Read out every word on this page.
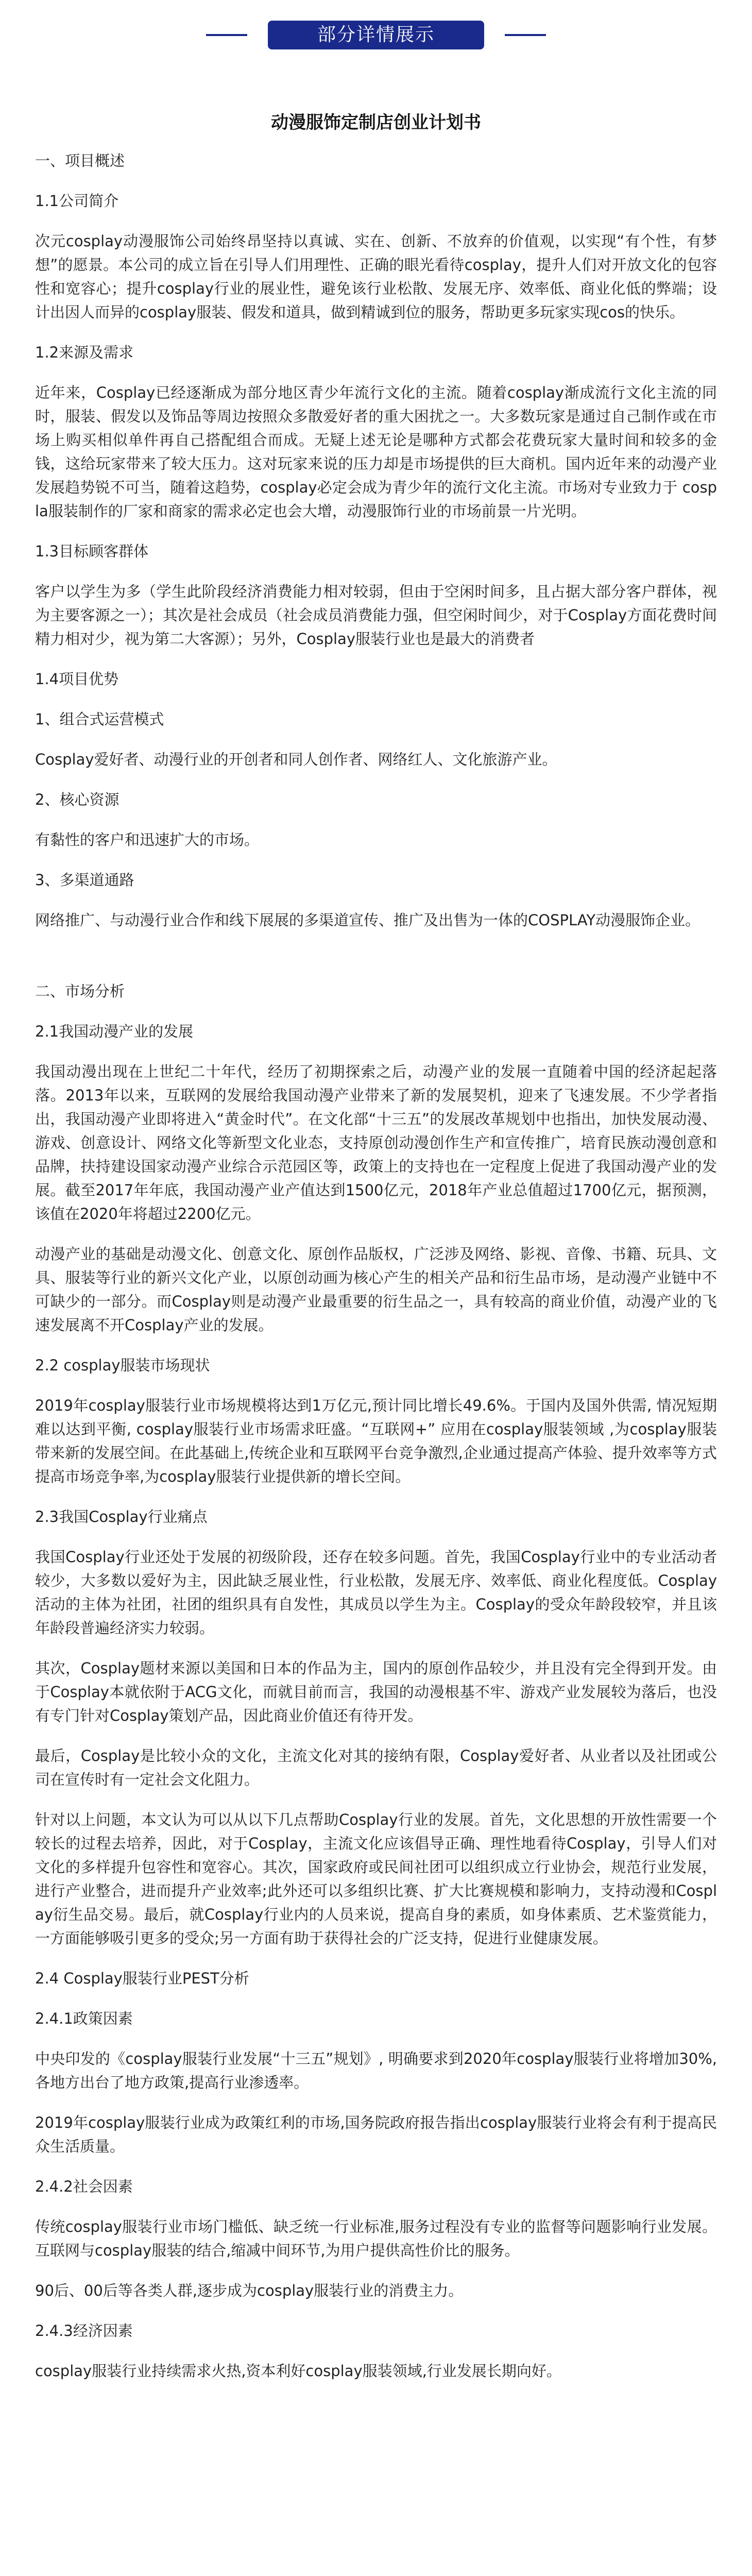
部分详情展示
动漫服饰定制店创业计划书

一、项目概述

1.1公司简介

次元cosplay动漫服饰公司始终昂坚持以真诚、实在、创新、不放弃的价值观，以实现“有个性，有梦想”的愿景。本公司的成立旨在引导人们用理性、正确的眼光看待cosplay，提升人们对开放文化的包容性和宽容心；提升cosplay行业的展业性，避免该行业松散、发展无序、效率低、商业化低的弊端；设计出因人而异的cosplay服装、假发和道具，做到精诚到位的服务，帮助更多玩家实现cos的快乐。

1.2来源及需求

近年来，Cosplay已经逐渐成为部分地区青少年流行文化的主流。随着cosplay渐成流行文化主流的同时，服装、假发以及饰品等周边按照众多散爱好者的重大困扰之一。大多数玩家是通过自己制作或在市场上购买相似单件再自己搭配组合而成。无疑上述无论是哪种方式都会花费玩家大量时间和较多的金钱，这给玩家带来了较大压力。这对玩家来说的压力却是市场提供的巨大商机。国内近年来的动漫产业发展趋势锐不可当，随着这趋势，cosplay必定会成为青少年的流行文化主流。市场对专业致力于 cospla服装制作的厂家和商家的需求必定也会大增，动漫服饰行业的市场前景一片光明。

1.3目标顾客群体

客户以学生为多（学生此阶段经济消费能力相对较弱，但由于空闲时间多，且占据大部分客户群体，视为主要客源之一）；其次是社会成员（社会成员消费能力强，但空闲时间少，对于Cosplay方面花费时间精力相对少，视为第二大客源）；另外，Cosplay服装行业也是最大的消费者

1.4项目优势

1、组合式运营模式

Cosplay爱好者、动漫行业的开创者和同人创作者、网络红人、文化旅游产业。

2、核心资源

有黏性的客户和迅速扩大的市场。

3、多渠道通路

网络推广、与动漫行业合作和线下展展的多渠道宣传、推广及出售为一体的COSPLAY动漫服饰企业。

二、市场分析

2.1我国动漫产业的发展

我国动漫出现在上世纪二十年代，经历了初期探索之后，动漫产业的发展一直随着中国的经济起起落落。2013年以来，互联网的发展给我国动漫产业带来了新的发展契机，迎来了飞速发展。不少学者指出，我国动漫产业即将进入“黄金时代”。在文化部“十三五”的发展改革规划中也指出，加快发展动漫、游戏、创意设计、网络文化等新型文化业态，支持原创动漫创作生产和宣传推广，培育民族动漫创意和品牌，扶持建设国家动漫产业综合示范园区等，政策上的支持也在一定程度上促进了我国动漫产业的发展。截至2017年年底，我国动漫产业产值达到1500亿元，2018年产业总值超过1700亿元，据预测，该值在2020年将超过2200亿元。

动漫产业的基础是动漫文化、创意文化、原创作品版权，广泛涉及网络、影视、音像、书籍、玩具、文具、服装等行业的新兴文化产业，以原创动画为核心产生的相关产品和衍生品市场，是动漫产业链中不可缺少的一部分。而Cosplay则是动漫产业最重要的衍生品之一，具有较高的商业价值，动漫产业的飞速发展离不开Cosplay产业的发展。

2.2 cosplay服装市场现状

2019年cosplay服装行业市场规模将达到1万亿元,预计同比增长49.6%。于国内及国外供需, 情况短期难以达到平衡, cosplay服装行业市场需求旺盛。“互联网+” 应用在cosplay服装领域 ,为cosplay服装带来新的发展空间。在此基础上,传统企业和互联网平台竞争激烈,企业通过提高产体验、提升效率等方式提高市场竞争率,为cosplay服装行业提供新的增长空间。

2.3我国Cosplay行业痛点

我国Cosplay行业还处于发展的初级阶段，还存在较多问题。首先，我国Cosplay行业中的专业活动者较少，大多数以爱好为主，因此缺乏展业性，行业松散，发展无序、效率低、商业化程度低。Cosplay活动的主体为社团，社团的组织具有自发性，其成员以学生为主。Cosplay的受众年龄段较窄，并且该年龄段普遍经济实力较弱。

其次，Cosplay题材来源以美国和日本的作品为主，国内的原创作品较少，并且没有完全得到开发。由于Cosplay本就依附于ACG文化，而就目前而言，我国的动漫根基不牢、游戏产业发展较为落后，也没有专门针对Cosplay策划产品，因此商业价值还有待开发。

最后，Cosplay是比较小众的文化，主流文化对其的接纳有限，Cosplay爱好者、从业者以及社团或公司在宣传时有一定社会文化阻力。

针对以上问题，本文认为可以从以下几点帮助Cosplay行业的发展。首先，文化思想的开放性需要一个较长的过程去培养，因此，对于Cosplay，主流文化应该倡导正确、理性地看待Cosplay，引导人们对文化的多样提升包容性和宽容心。其次，国家政府或民间社团可以组织成立行业协会，规范行业发展，进行产业整合，进而提升产业效率;此外还可以多组织比赛、扩大比赛规模和影响力，支持动漫和Cosplay衍生品交易。最后，就Cosplay行业内的人员来说，提高自身的素质，如身体素质、艺术鉴赏能力，一方面能够吸引更多的受众;另一方面有助于获得社会的广泛支持，促进行业健康发展。

2.4 Cosplay服装行业PEST分析

2.4.1政策因素

中央印发的《cosplay服装行业发展“十三五”规划》, 明确要求到2020年cosplay服装行业将增加30%,各地方出台了地方政策,提高行业渗透率。

2019年cosplay服装行业成为政策红利的市场,国务院政府报告指出cosplay服装行业将会有利于提高民众生活质量。

2.4.2社会因素

传统cosplay服装行业市场门槛低、缺乏统一行业标准,服务过程没有专业的监督等问题影响行业发展。互联网与cosplay服装的结合,缩减中间环节,为用户提供高性价比的服务。

90后、00后等各类人群,逐步成为cosplay服装行业的消费主力。

2.4.3经济因素

cosplay服装行业持续需求火热,资本利好cosplay服装领域,行业发展长期向好。
